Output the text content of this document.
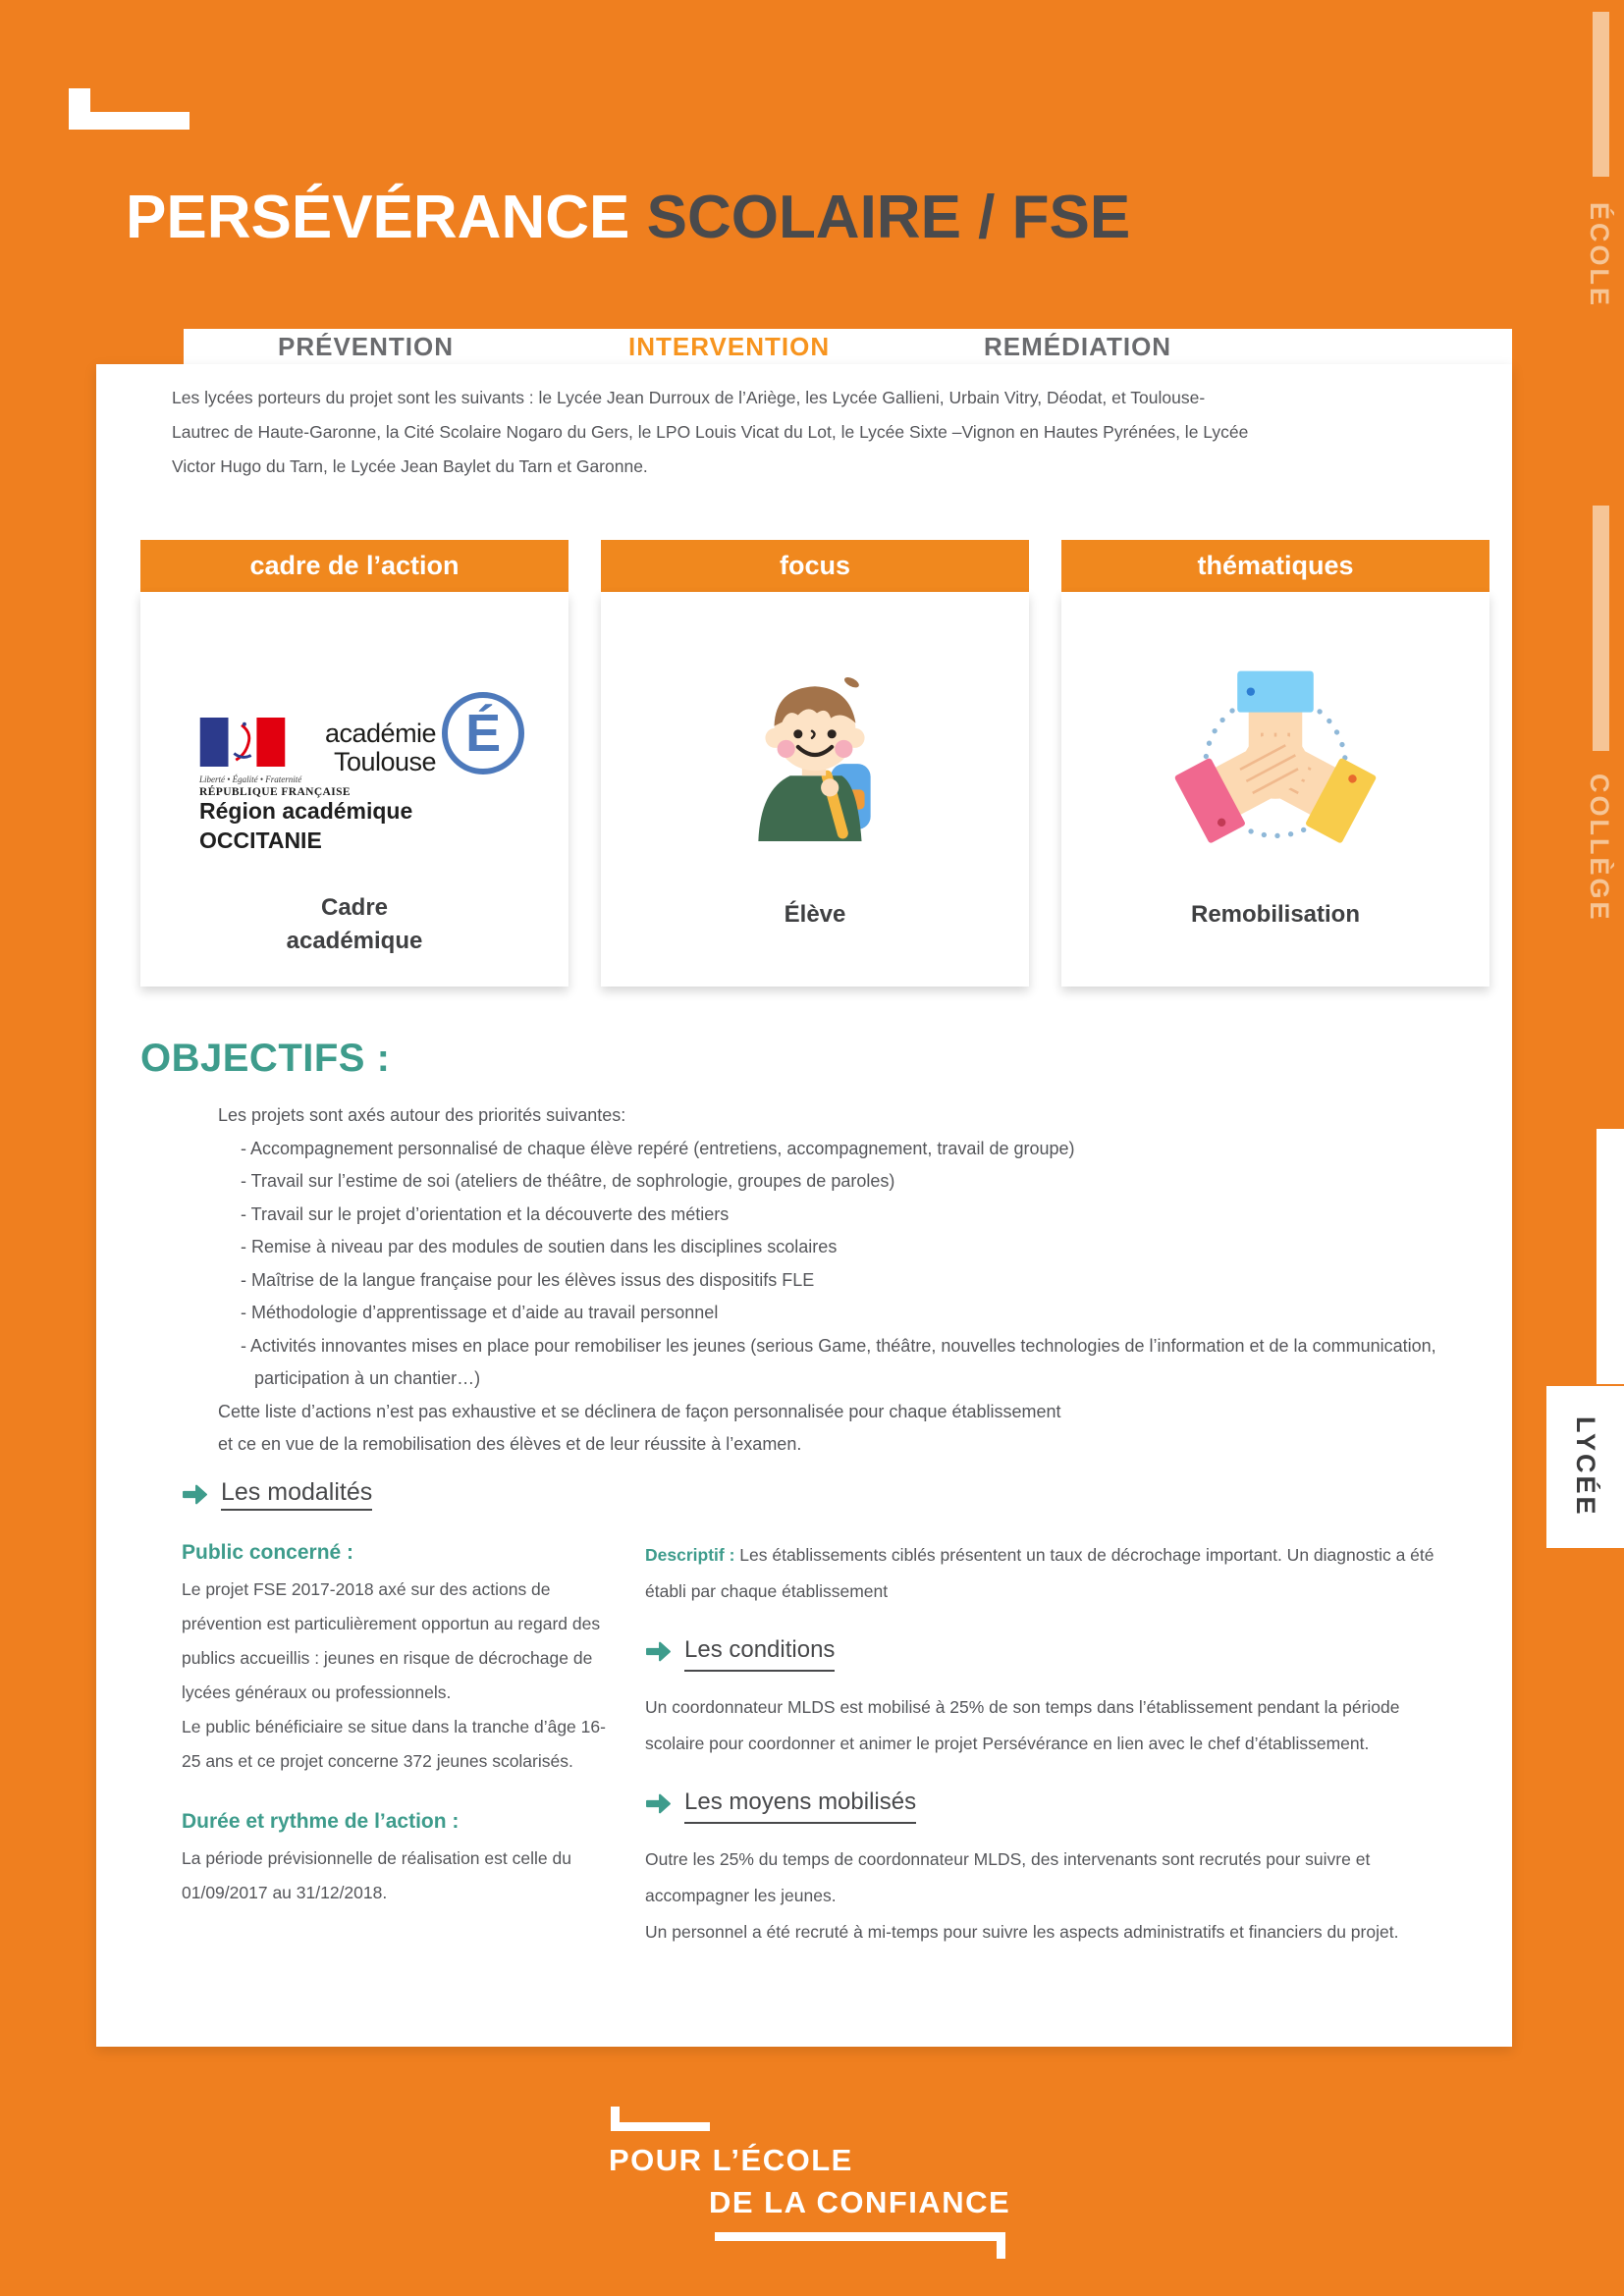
PERSÉVÉRANCE SCOLAIRE / FSE
PRÉVENTION	INTERVENTION	REMÉDIATION
Les lycées porteurs du projet sont les suivants : le Lycée Jean Durroux de l’Ariège, les Lycée Gallieni, Urbain Vitry, Déodat, et Toulouse-Lautrec de Haute-Garonne, la Cité Scolaire Nogaro du Gers, le LPO Louis Vicat du Lot, le Lycée Sixte –Vignon en Hautes Pyrénées, le Lycée Victor Hugo du Tarn, le Lycée Jean Baylet du Tarn et Garonne.
cadre de l’action
Liberté • Égalité • Fraternité
RÉPUBLIQUE FRANÇAISE
académie
Toulouse É
Région académique
OCCITANIE
Cadre
académique
focus
Élève
thématiques
Remobilisation
OBJECTIFS :
Les projets sont axés autour des priorités suivantes:
- Accompagnement personnalisé de chaque élève repéré (entretiens, accompagnement, travail de groupe)
- Travail sur l’estime de soi (ateliers de théâtre, de sophrologie, groupes de paroles)
- Travail sur le projet d’orientation et la découverte des métiers
- Remise à niveau par des modules de soutien dans les disciplines scolaires
- Maîtrise de la langue française pour les élèves issus des dispositifs FLE
- Méthodologie d’apprentissage et d’aide au travail personnel
- Activités innovantes mises en place pour remobiliser les jeunes (serious Game, théâtre, nouvelles technologies de l’information et de la communication, participation à un chantier…)
Cette liste d’actions n’est pas exhaustive et se déclinera de façon personnalisée pour chaque établissement
et ce en vue de la remobilisation des élèves et de leur réussite à l’examen.
Les modalités
Public concerné :
Le projet FSE 2017-2018 axé sur des actions de prévention est particulièrement opportun au regard des publics accueillis : jeunes en risque de décrochage de lycées généraux ou professionnels.
Le public bénéficiaire se situe dans la tranche d’âge 16-25 ans et ce projet concerne 372 jeunes scolarisés.
Durée et rythme de l’action :
La période prévisionnelle de réalisation est celle du 01/09/2017 au 31/12/2018.
Descriptif : Les établissements ciblés présentent un taux de décrochage important. Un diagnostic a été établi par chaque établissement
Les conditions
Un coordonnateur MLDS est mobilisé à 25% de son temps dans l’établissement pendant la période scolaire pour coordonner et animer le projet Persévérance en lien avec le chef d’établissement.
Les moyens mobilisés
Outre les 25% du temps de coordonnateur MLDS, des intervenants sont recrutés pour suivre et accompagner les jeunes.
Un personnel a été recruté à mi-temps pour suivre les aspects administratifs et financiers du projet.
ÉCOLE
COLLÈGE
LYCÉE
POUR L’ÉCOLE
DE LA CONFIANCE
